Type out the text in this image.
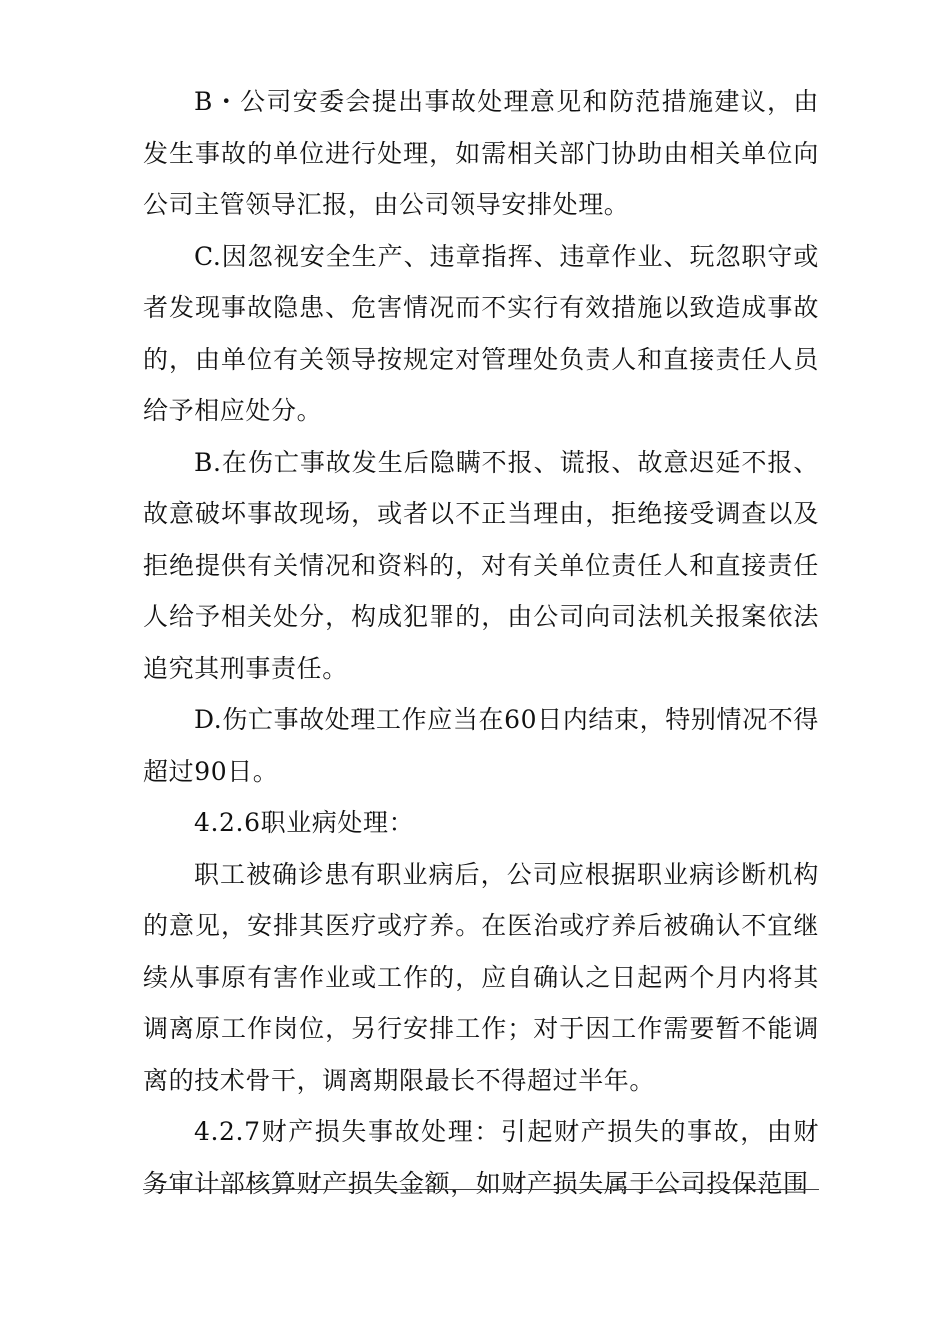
B・公司安委会提出事故处理意见和防范措施建议，由发生事故的单位进行处理，如需相关部门协助由相关单位向公司主管领导汇报，由公司领导安排处理。

C.因忽视安全生产、违章指挥、违章作业、玩忽职守或者发现事故隐患、危害情况而不实行有效措施以致造成事故的，由单位有关领导按规定对管理处负责人和直接责任人员给予相应处分。

B.在伤亡事故发生后隐瞒不报、谎报、故意迟延不报、故意破坏事故现场，或者以不正当理由，拒绝接受调查以及拒绝提供有关情况和资料的，对有关单位责任人和直接责任人给予相关处分，构成犯罪的，由公司向司法机关报案依法追究其刑事责任。

D.伤亡事故处理工作应当在60日内结束，特别情况不得超过90日。

4.2.6职业病处理：

职工被确诊患有职业病后，公司应根据职业病诊断机构的意见，安排其医疗或疗养。在医治或疗养后被确认不宜继续从事原有害作业或工作的，应自确认之日起两个月内将其调离原工作岗位，另行安排工作；对于因工作需要暂不能调离的技术骨干，调离期限最长不得超过半年。

4.2.7财产损失事故处理：引起财产损失的事故，由财务审计部核算财产损失金额，如财产损失属于公司投保范围
